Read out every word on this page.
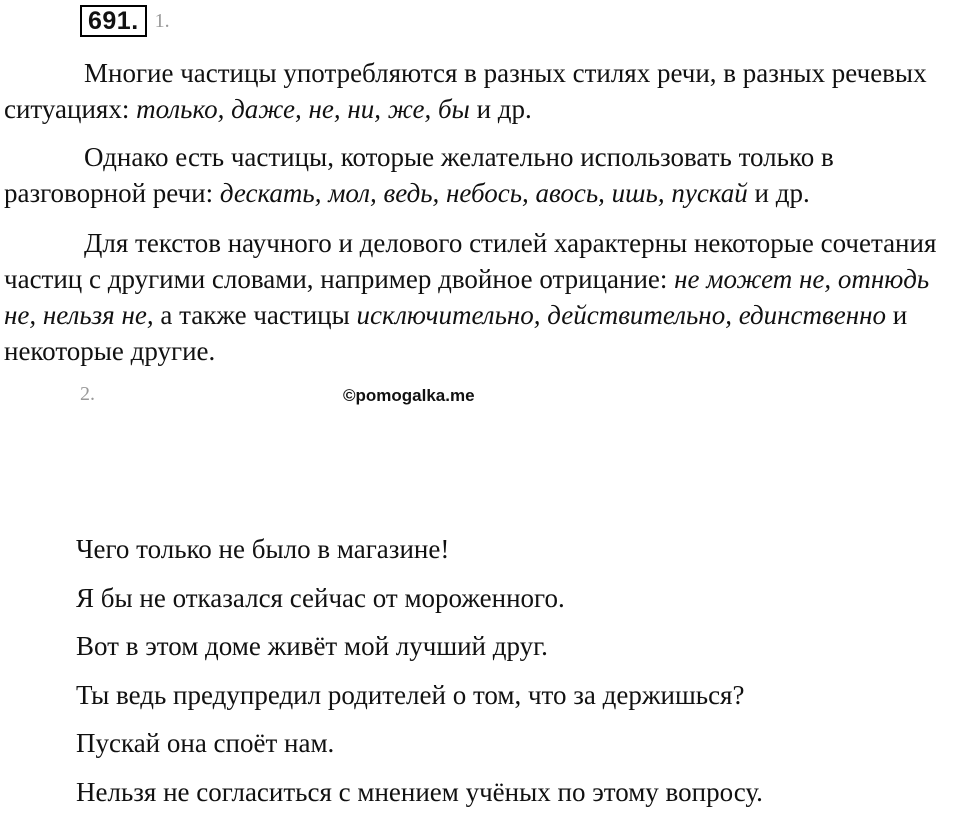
691. 1.

Многие частицы употребляются в разных стилях речи, в разных речевых ситуациях: только, даже, не, ни, же, бы и др.

Однако есть частицы, которые желательно использовать только в разговорной речи: дескать, мол, ведь, небось, авось, ишь, пускай и др.

Для текстов научного и делового стилей характерны некоторые сочетания частиц с другими словами, например двойное отрицание: не может не, отнюдь не, нельзя не, а также частицы исключительно, действительно, единственно и некоторые другие.

2.	©pomogalka.me
Чего только не было в магазине!
Я бы не отказался сейчас от мороженного.
Вот в этом доме живёт мой лучший друг.
Ты ведь предупредил родителей о том, что за держишься?
Пускай она споёт нам.
Нельзя не согласиться с мнением учёных по этому вопросу.
